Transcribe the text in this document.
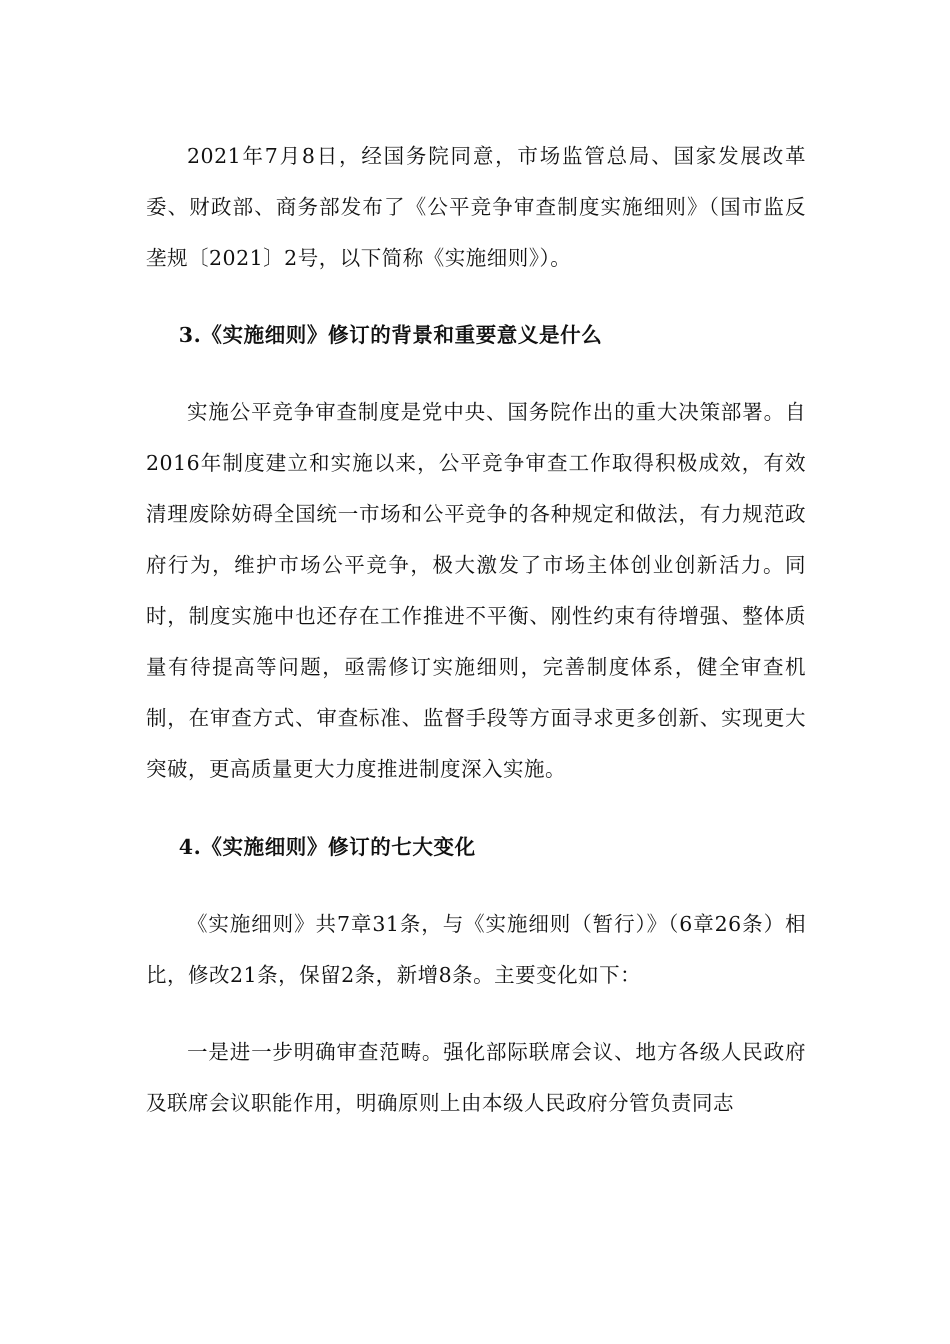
2021年7月8日，经国务院同意，市场监管总局、国家发展改革委、财政部、商务部发布了《公平竞争审查制度实施细则》（国市监反垄规〔2021〕2号，以下简称《实施细则》）。

3.《实施细则》修订的背景和重要意义是什么

实施公平竞争审查制度是党中央、国务院作出的重大决策部署。自2016年制度建立和实施以来，公平竞争审查工作取得积极成效，有效清理废除妨碍全国统一市场和公平竞争的各种规定和做法，有力规范政府行为，维护市场公平竞争，极大激发了市场主体创业创新活力。同时，制度实施中也还存在工作推进不平衡、刚性约束有待增强、整体质量有待提高等问题，亟需修订实施细则，完善制度体系，健全审查机制，在审查方式、审查标准、监督手段等方面寻求更多创新、实现更大突破，更高质量更大力度推进制度深入实施。

4.《实施细则》修订的七大变化

《实施细则》共7章31条，与《实施细则（暂行）》（6章26条）相比，修改21条，保留2条，新增8条。主要变化如下：

一是进一步明确审查范畴。强化部际联席会议、地方各级人民政府及联席会议职能作用，明确原则上由本级人民政府分管负责同志
